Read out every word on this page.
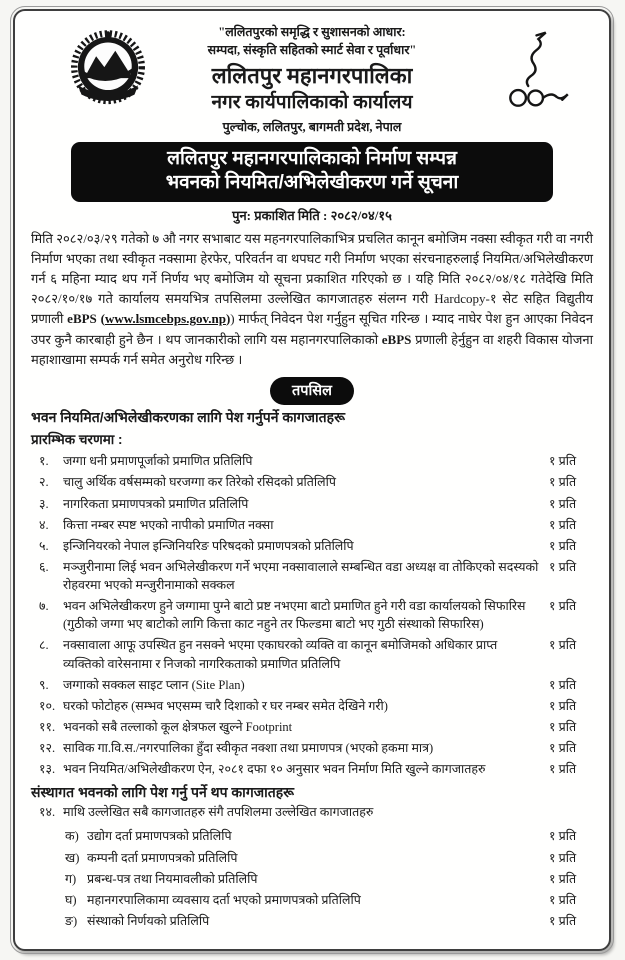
"ललितपुरको समृद्धि र सुशासनको आधार:
सम्पदा, संस्कृति सहितको स्मार्ट सेवा र पूर्वाधार"
ललितपुर महानगरपालिका
नगर कार्यपालिकाको कार्यालय
पुल्चोक, ललितपुर, बागमती प्रदेश, नेपाल
ललितपुर महानगरपालिकाको निर्माण सम्पन्न
भवनको नियमित/अभिलेखीकरण गर्ने सूचना
पुन: प्रकाशित मिति : २०८२/०४/१५
मिति २०८२/०३/२९ गतेको ७ औ नगर सभाबाट यस महनगरपालिकाभित्र प्रचलित कानून बमोजिम नक्सा स्वीकृत गरी वा नगरी निर्माण भएका तथा स्वीकृत नक्सामा हेरफेर, परिवर्तन वा थपघट गरी निर्माण भएका संरचनाहरुलाई नियमित/अभिलेखीकरण गर्न ६ महिना म्याद थप गर्ने निर्णय भए बमोजिम यो सूचना प्रकाशित गरिएको छ । यहि मिति २०८२/०४/१८ गतेदेखि मिति २०८२/१०/१७ गते कार्यालय समयभित्र तपसिलमा उल्लेखित कागजातहरु संलग्न गरी Hardcopy-१ सेट सहित विद्युतीय प्रणाली eBPS (www.lsmcebps.gov.np)) मार्फत् निवेदन पेश गर्नुहुन सूचित गरिन्छ । म्याद नाघेर पेश हुन आएका निवेदन उपर कुनै कारबाही हुने छैन । थप जानकारीको लागि यस महानगरपालिकाको eBPS प्रणाली हेर्नुहुन वा शहरी विकास योजना महाशाखामा सम्पर्क गर्न समेत अनुरोध गरिन्छ ।
तपसिल
भवन नियमित/अभिलेखीकरणका लागि पेश गर्नुपर्ने कागजातहरू
प्रारम्भिक चरणमा :
१.	जग्गा धनी प्रमाणपूर्जाको प्रमाणित प्रतिलिपि	१ प्रति
२.	चालु अर्थिक वर्षसम्मको घरजग्गा कर तिरेको रसिदको प्रतिलिपि	१ प्रति
३.	नागरिकता प्रमाणपत्रको प्रमाणित प्रतिलिपि	१ प्रति
४.	कित्ता नम्बर स्पष्ट भएको नापीको प्रमाणित नक्सा	१ प्रति
५.	इन्जिनियरको नेपाल इन्जिनियरिङ परिषदको प्रमाणपत्रको प्रतिलिपि	१ प्रति
६.	मञ्जुरीनामा लिई भवन अभिलेखीकरण गर्ने भएमा नक्सावालाले सम्बन्धित वडा अध्यक्ष वा तोकिएको सदस्यको रोहवरमा भएको मन्जुरीनामाको सक्कल
१ प्रति
७.	भवन अभिलेखीकरण हुने जग्गामा पुग्ने बाटो प्रष्ट नभएमा बाटो प्रमाणित हुने गरी वडा कार्यालयको सिफारिस (गुठीको जग्गा भए बाटोको लागि कित्ता काट नहुने तर फिल्डमा बाटो भए गुठी संस्थाको सिफारिस)
१ प्रति
८.	नक्सावाला आफू उपस्थित हुन नसक्ने भएमा एकाघरको व्यक्ति वा कानून बमोजिमको अधिकार प्राप्त व्यक्तिको वारेसनामा र निजको नागरिकताको प्रमाणित प्रतिलिपि
१ प्रति
९.	जग्गाको सक्कल साइट प्लान (Site Plan)	१ प्रति
१०. घरको फोटोहरु (सम्भव भएसम्म चारै दिशाको र घर नम्बर समेत देखिने गरी)	१ प्रति
११. भवनको सबै तल्लाको कूल क्षेत्रफल खुल्ने Footprint	१ प्रति
१२. साविक गा.वि.स./नगरपालिका हुँदा स्वीकृत नक्शा तथा प्रमाणपत्र (भएको हकमा मात्र)	१ प्रति
१३. भवन नियमित/अभिलेखीकरण ऐन, २०८१ दफा १० अनुसार भवन निर्माण मिति खुल्ने कागजातहरु	१ प्रति
संस्थागत भवनको लागि पेश गर्नु पर्ने थप कागजातहरू
१४. माथि उल्लेखित सबै कागजातहरु संगै तपशिलमा उल्लेखित कागजातहरु
क) उद्योग दर्ता प्रमाणपत्रको प्रतिलिपि	१ प्रति
ख) कम्पनी दर्ता प्रमाणपत्रको प्रतिलिपि	१ प्रति
ग) प्रबन्ध-पत्र तथा नियमावलीको प्रतिलिपि	१ प्रति
घ) महानगरपालिकामा व्यवसाय दर्ता भएको प्रमाणपत्रको प्रतिलिपि	१ प्रति
ङ) संस्थाको निर्णयको प्रतिलिपि	१ प्रति
